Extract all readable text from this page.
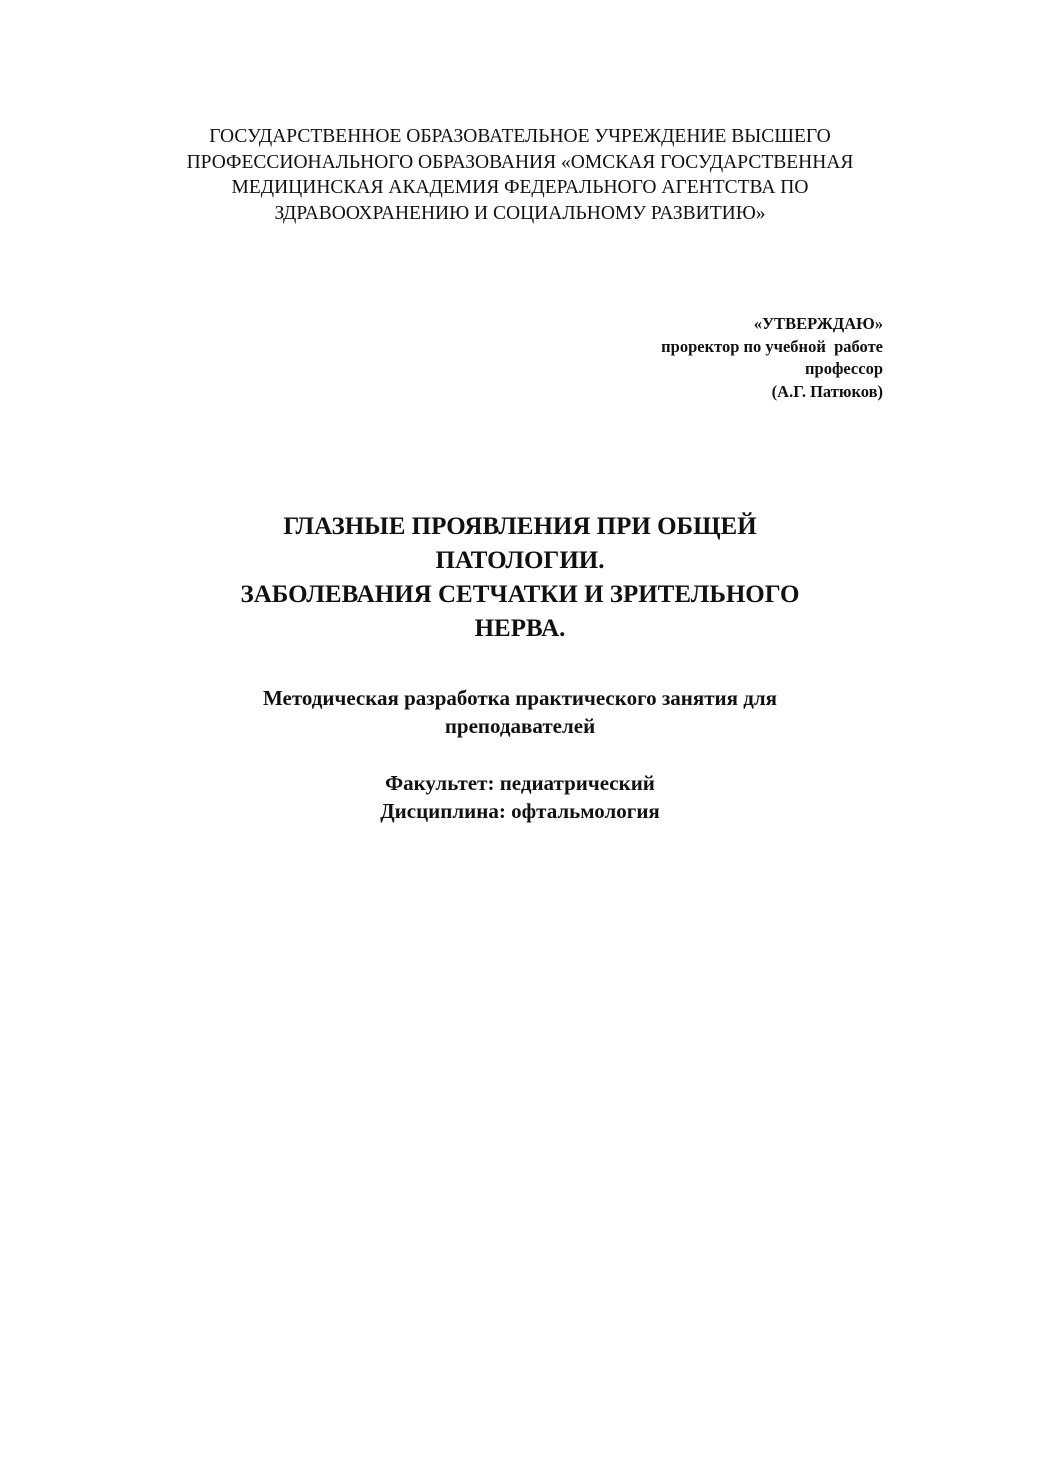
ГОСУДАРСТВЕННОЕ ОБРАЗОВАТЕЛЬНОЕ УЧРЕЖДЕНИЕ ВЫСШЕГО
ПРОФЕССИОНАЛЬНОГО ОБРАЗОВАНИЯ «ОМСКАЯ ГОСУДАРСТВЕННАЯ
МЕДИЦИНСКАЯ АКАДЕМИЯ ФЕДЕРАЛЬНОГО АГЕНТСТВА ПО
ЗДРАВООХРАНЕНИЮ И СОЦИАЛЬНОМУ РАЗВИТИЮ»
«УТВЕРЖДАЮ»
проректор по учебной  работе
профессор
(А.Г. Патюков)
ГЛАЗНЫЕ ПРОЯВЛЕНИЯ ПРИ ОБЩЕЙ
ПАТОЛОГИИ.
ЗАБОЛЕВАНИЯ СЕТЧАТКИ И ЗРИТЕЛЬНОГО
НЕРВА.
Методическая разработка практического занятия для
преподавателей
Факультет: педиатрический
Дисциплина: офтальмология
